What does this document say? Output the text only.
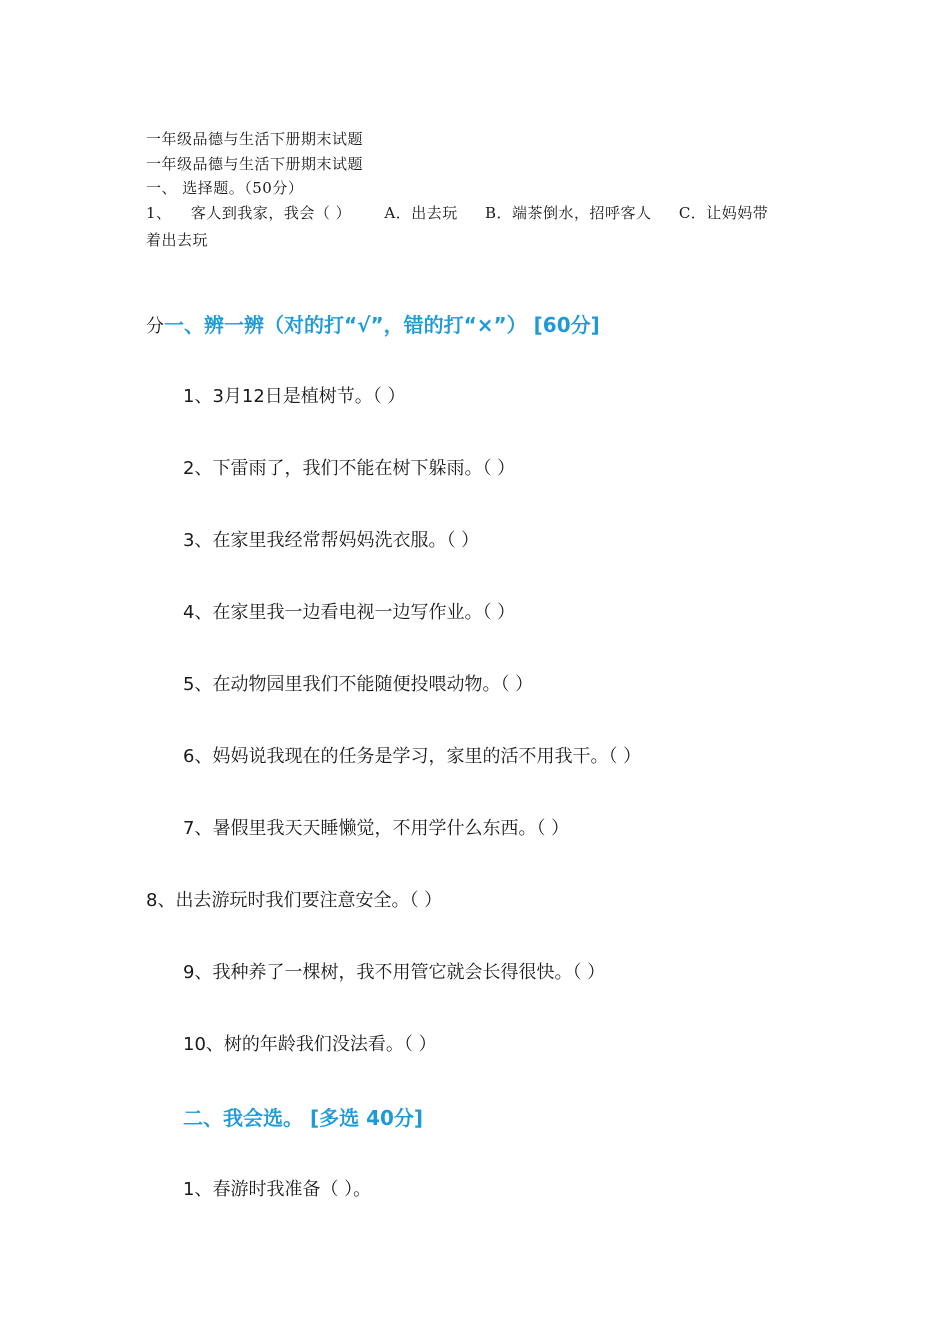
一年级品德与生活下册期末试题
一年级品德与生活下册期末试题
一、 选择题。（50分）
1、 客人到我家，我会（ ） A．出去玩 B．端茶倒水，招呼客人 C．让妈妈带
着出去玩
分一、辨一辨（对的打“√”，错的打“×”） [60分]
1、3月12日是植树节。（ ）
2、下雷雨了，我们不能在树下躲雨。（ ）
3、在家里我经常帮妈妈洗衣服。（ ）
4、在家里我一边看电视一边写作业。（ ）
5、在动物园里我们不能随便投喂动物。（ ）
6、妈妈说我现在的任务是学习，家里的活不用我干。（ ）
7、暑假里我天天睡懒觉，不用学什么东西。（ ）
8、出去游玩时我们要注意安全。（ ）
9、我种养了一棵树，我不用管它就会长得很快。（ ）
10、树的年龄我们没法看。（ ）
二、我会选。 [多选 40分]
1、春游时我准备（ ）。
